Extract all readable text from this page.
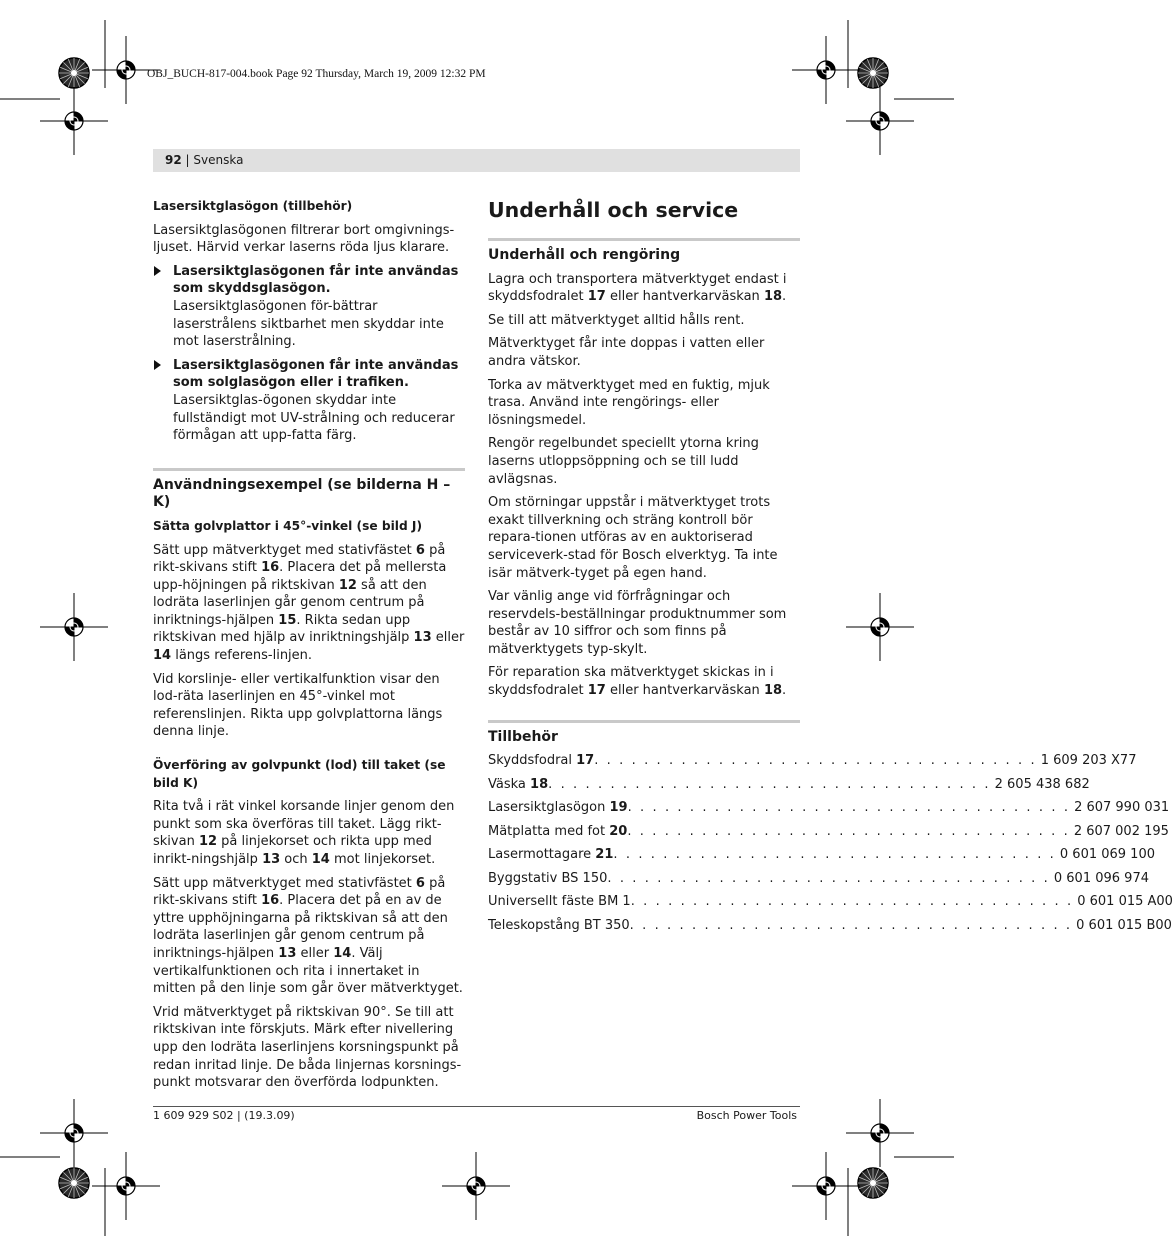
OBJ_BUCH-817-004.book Page 92 Thursday, March 19, 2009 12:32 PM
92 | Svenska
Lasersiktglasögon (tillbehör)

Lasersiktglasögonen filtrerar bort omgivnings-ljuset. Härvid verkar laserns röda ljus klarare.

Lasersiktglasögonen får inte användas som skyddsglasögon. Lasersiktglasögonen för-bättrar laserstrålens siktbarhet men skyddar inte mot laserstrålning.
Lasersiktglasögonen får inte användas som solglasögon eller i trafiken. Lasersiktglas-ögonen skyddar inte fullständigt mot UV-strålning och reducerar förmågan att upp-fatta färg.
Användningsexempel (se bilderna H – K)
Sätta golvplattor i 45°-vinkel (se bild J)

Sätt upp mätverktyget med stativfästet 6 på rikt-skivans stift 16. Placera det på mellersta upp-höjningen på riktskivan 12 så att den lodräta laserlinjen går genom centrum på inriktnings-hjälpen 15. Rikta sedan upp riktskivan med hjälp av inriktningshjälp 13 eller 14 längs referens-linjen.

Vid korslinje- eller vertikalfunktion visar den lod-räta laserlinjen en 45°-vinkel mot referenslinjen. Rikta upp golvplattorna längs denna linje.

Överföring av golvpunkt (lod) till taket (se bild K)

Rita två i rät vinkel korsande linjer genom den punkt som ska överföras till taket. Lägg rikt-skivan 12 på linjekorset och rikta upp med inrikt-ningshjälp 13 och 14 mot linjekorset.

Sätt upp mätverktyget med stativfästet 6 på rikt-skivans stift 16. Placera det på en av de yttre upphöjningarna på riktskivan så att den lodräta laserlinjen går genom centrum på inriktnings-hjälpen 13 eller 14. Välj vertikalfunktionen och rita i innertaket in mitten på den linje som går över mätverktyget.

Vrid mätverktyget på riktskivan 90°. Se till att riktskivan inte förskjuts. Märk efter nivellering upp den lodräta laserlinjens korsningspunkt på redan inritad linje. De båda linjernas korsnings-punkt motsvarar den överförda lodpunkten.

Underhåll och service
Underhåll och rengöring

Lagra och transportera mätverktyget endast i skyddsfodralet 17 eller hantverkarväskan 18.

Se till att mätverktyget alltid hålls rent.

Mätverktyget får inte doppas i vatten eller andra vätskor.

Torka av mätverktyget med en fuktig, mjuk trasa. Använd inte rengörings- eller lösningsmedel.

Rengör regelbundet speciellt ytorna kring laserns utloppsöppning och se till ludd avlägsnas.

Om störningar uppstår i mätverktyget trots exakt tillverkning och sträng kontroll bör repara-tionen utföras av en auktoriserad serviceverk-stad för Bosch elverktyg. Ta inte isär mätverk-tyget på egen hand.

Var vänlig ange vid förfrågningar och reservdels-beställningar produktnummer som består av 10 siffror och som finns på mätverktygets typ-skylt.

För reparation ska mätverktyget skickas in i skyddsfodralet 17 eller hantverkarväskan 18.

Tillbehör
Skyddsfodral 17 . . . . . . . . . . . . . . . . . . . . . . . . . . . . . . . . . . . . 1 609 203 X77
Väska 18 . . . . . . . . . . . . . . . . . . . . . . . . . . . . . . . . . . . . 2 605 438 682
Lasersiktglasögon 19 . . . . . . . . . . . . . . . . . . . . . . . . . . . . . . . . . . . . 2 607 990 031
Mätplatta med fot 20 . . . . . . . . . . . . . . . . . . . . . . . . . . . . . . . . . . . . 2 607 002 195
Lasermottagare 21 . . . . . . . . . . . . . . . . . . . . . . . . . . . . . . . . . . . . 0 601 069 100
Byggstativ BS 150 . . . . . . . . . . . . . . . . . . . . . . . . . . . . . . . . . . . . 0 601 096 974
Universellt fäste BM 1 . . . . . . . . . . . . . . . . . . . . . . . . . . . . . . . . . . . . 0 601 015 A00
Teleskopstång BT 350 . . . . . . . . . . . . . . . . . . . . . . . . . . . . . . . . . . . . 0 601 015 B00
1 609 929 S02 | (19.3.09)	Bosch Power Tools
